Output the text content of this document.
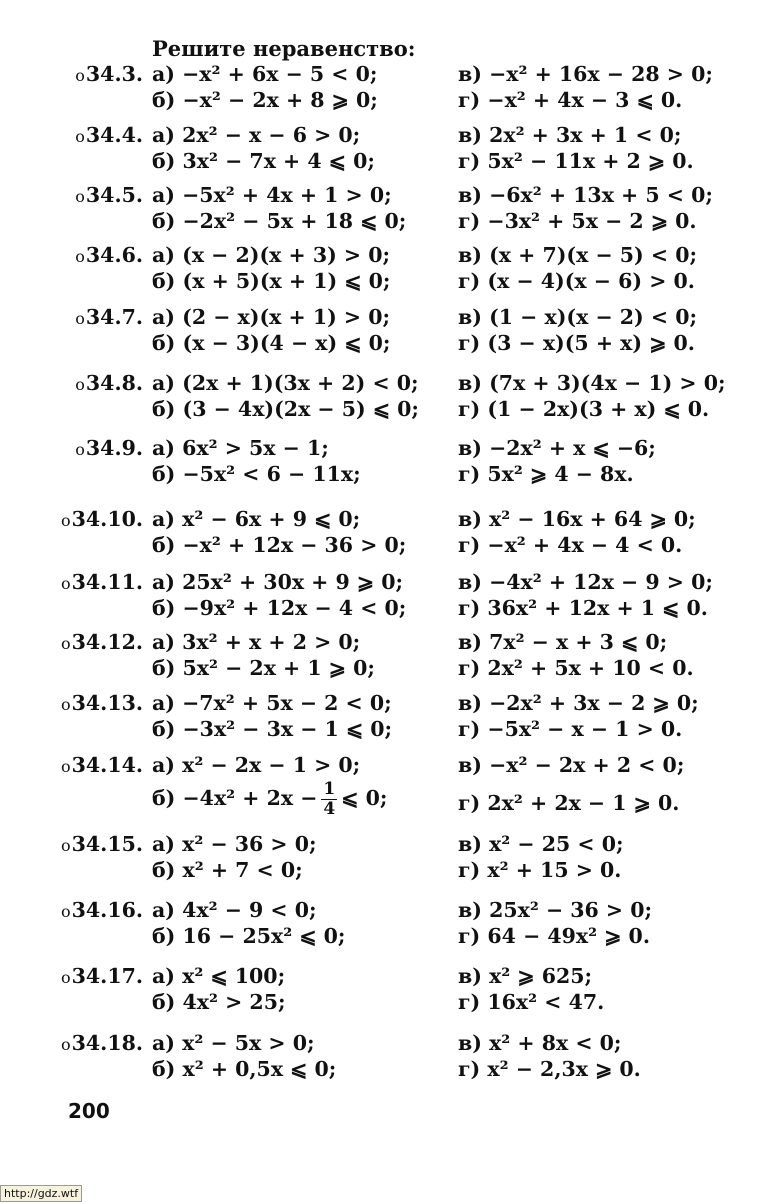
Решите неравенство:
o34.3. а) −x² + 6x − 5 < 0;
б) −x² − 2x + 8 ⩾ 0;
в) −x² + 16x − 28 > 0;
г) −x² + 4x − 3 ⩽ 0.
o34.4. а) 2x² − x − 6 > 0;
б) 3x² − 7x + 4 ⩽ 0;
в) 2x² + 3x + 1 < 0;
г) 5x² − 11x + 2 ⩾ 0.
o34.5. а) −5x² + 4x + 1 > 0;
б) −2x² − 5x + 18 ⩽ 0;
в) −6x² + 13x + 5 < 0;
г) −3x² + 5x − 2 ⩾ 0.
o34.6. а) (x − 2)(x + 3) > 0;
б) (x + 5)(x + 1) ⩽ 0;
в) (x + 7)(x − 5) < 0;
г) (x − 4)(x − 6) > 0.
o34.7. а) (2 − x)(x + 1) > 0;
б) (x − 3)(4 − x) ⩽ 0;
в) (1 − x)(x − 2) < 0;
г) (3 − x)(5 + x) ⩾ 0.
o34.8. а) (2x + 1)(3x + 2) < 0;
б) (3 − 4x)(2x − 5) ⩽ 0;
в) (7x + 3)(4x − 1) > 0;
г) (1 − 2x)(3 + x) ⩽ 0.
o34.9. а) 6x² > 5x − 1;
б) −5x² < 6 − 11x;
в) −2x² + x ⩽ −6;
г) 5x² ⩾ 4 − 8x.
o34.10. а) x² − 6x + 9 ⩽ 0;
б) −x² + 12x − 36 > 0;
в) x² − 16x + 64 ⩾ 0;
г) −x² + 4x − 4 < 0.
o34.11. а) 25x² + 30x + 9 ⩾ 0;
б) −9x² + 12x − 4 < 0;
в) −4x² + 12x − 9 > 0;
г) 36x² + 12x + 1 ⩽ 0.
o34.12. а) 3x² + x + 2 > 0;
б) 5x² − 2x + 1 ⩾ 0;
в) 7x² − x + 3 ⩽ 0;
г) 2x² + 5x + 10 < 0.
o34.13. а) −7x² + 5x − 2 < 0;
б) −3x² − 3x − 1 ⩽ 0;
в) −2x² + 3x − 2 ⩾ 0;
г) −5x² − x − 1 > 0.
o34.14. а) x² − 2x − 1 > 0;
$б) -4x^2 + 2x - \frac{1}{4}$ ⩽ 0;
в) −x² − 2x + 2 < 0;
г) 2x² + 2x − 1 ⩾ 0.
o34.15. а) x² − 36 > 0;
б) x² + 7 < 0;
в) x² − 25 < 0;
г) x² + 15 > 0.
o34.16. а) 4x² − 9 < 0;
б) 16 − 25x² ⩽ 0;
в) 25x² − 36 > 0;
г) 64 − 49x² ⩾ 0.
o34.17. а) x² ⩽ 100;
б) 4x² > 25;
в) x² ⩾ 625;
г) 16x² < 47.
o34.18. а) x² − 5x > 0;
б) x² + 0,5x ⩽ 0;
в) x² + 8x < 0;
г) x² − 2,3x ⩾ 0.
200
http://gdz.wtf
